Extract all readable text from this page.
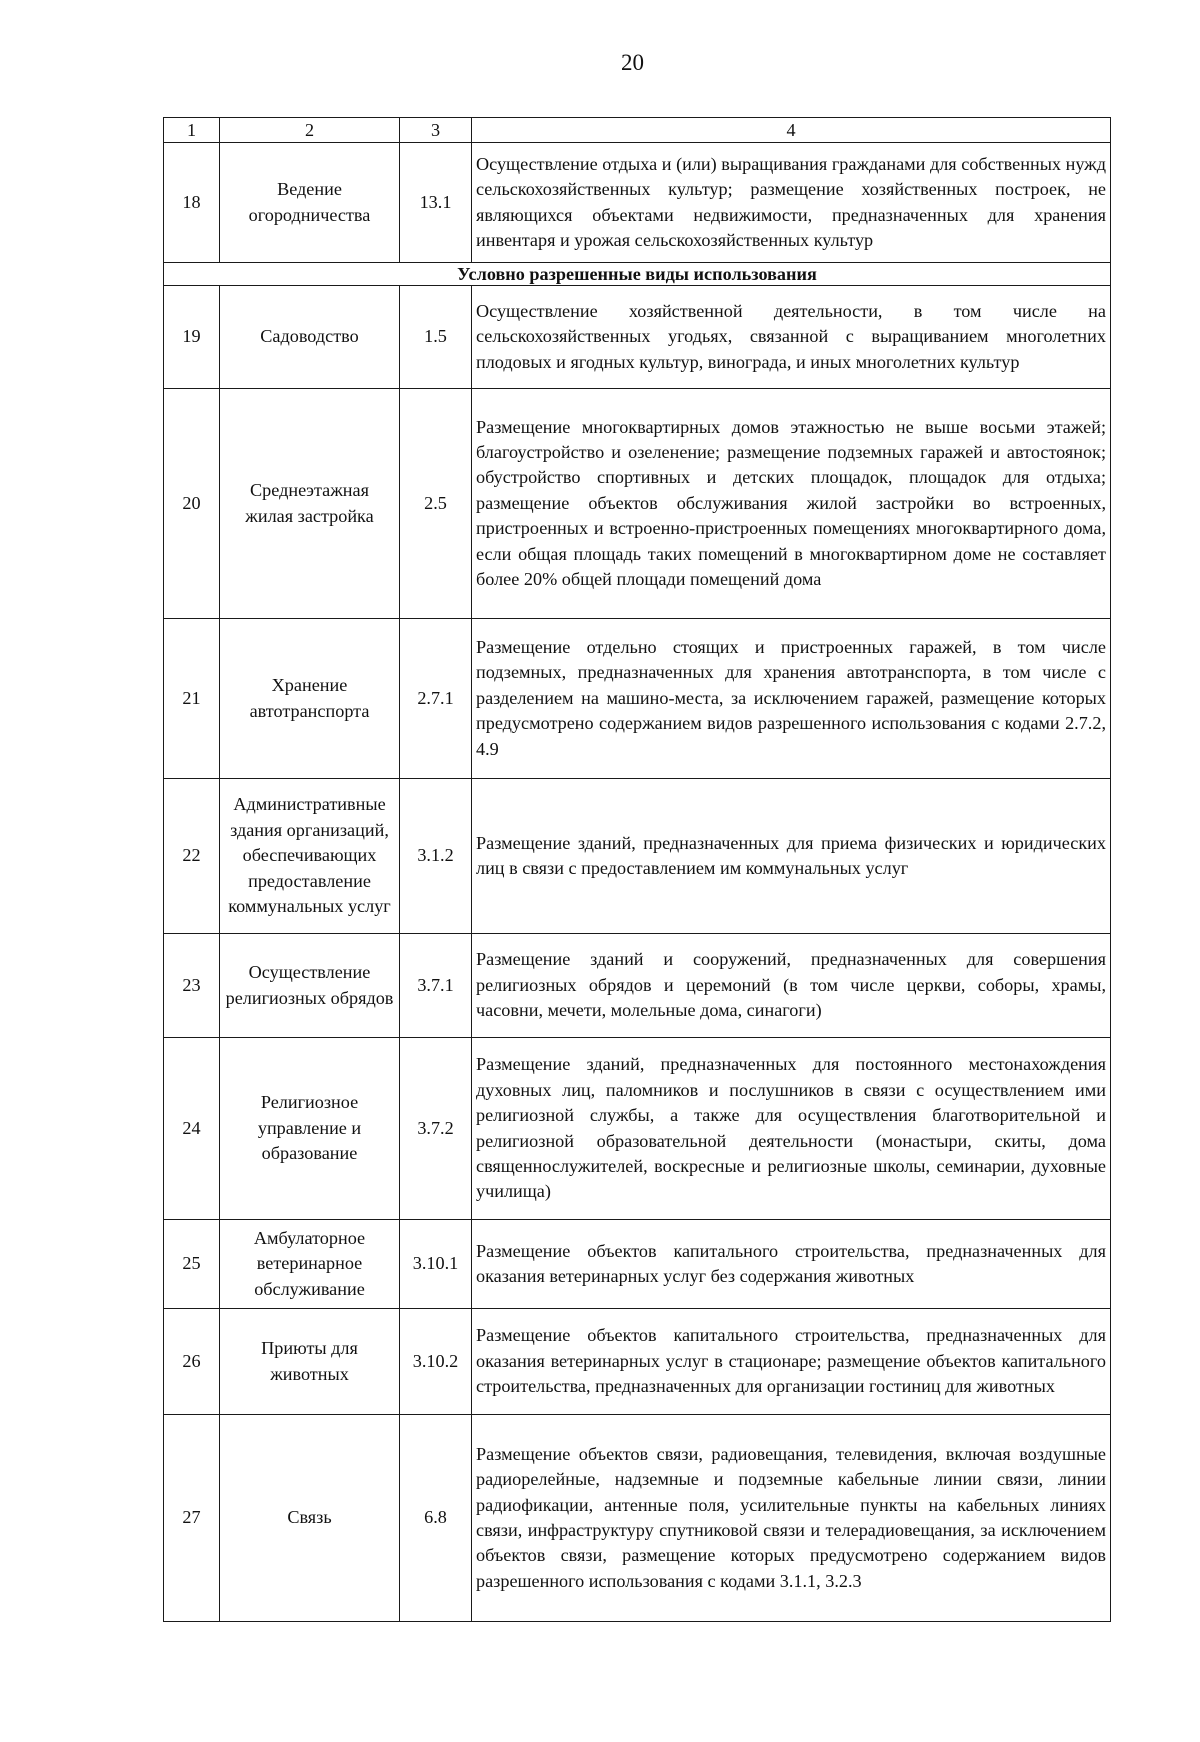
20
1	2	3	4
18	Ведение огородничества	13.1	Осуществление отдыха и (или) выращивания гражданами для собственных нужд сельскохозяйственных культур; размещение хозяйственных построек, не являющихся объектами недвижимости, предназначенных для хранения инвентаря и урожая сельскохозяйственных культур
Условно разрешенные виды использования			
19	Садоводство	1.5	Осуществление хозяйственной деятельности, в том числе на сельскохозяйственных угодьях, связанной с выращиванием многолетних плодовых и ягодных культур, винограда, и иных многолетних культур
20	Среднеэтажная жилая застройка	2.5	Размещение многоквартирных домов этажностью не выше восьми этажей; благоустройство и озеленение; размещение подземных гаражей и автостоянок; обустройство спортивных и детских площадок, площадок для отдыха; размещение объектов обслуживания жилой застройки во встроенных, пристроенных и встроенно-пристроенных помещениях многоквартирного дома, если общая площадь таких помещений в многоквартирном доме не составляет более 20% общей площади помещений дома
21	Хранение автотранспорта	2.7.1	Размещение отдельно стоящих и пристроенных гаражей, в том числе подземных, предназначенных для хранения автотранспорта, в том числе с разделением на машино-места, за исключением гаражей, размещение которых предусмотрено содержанием видов разрешенного использования с кодами 2.7.2, 4.9
22	Административные здания организаций, обеспечивающих предоставление коммунальных услуг	3.1.2	Размещение зданий, предназначенных для приема физических и юридических лиц в связи с предоставлением им коммунальных услуг
23	Осуществление религиозных обрядов	3.7.1	Размещение зданий и сооружений, предназначенных для совершения религиозных обрядов и церемоний (в том числе церкви, соборы, храмы, часовни, мечети, молельные дома, синагоги)
24	Религиозное управление и образование	3.7.2	Размещение зданий, предназначенных для постоянного местонахождения духовных лиц, паломников и послушников в связи с осуществлением ими религиозной службы, а также для осуществления благотворительной и религиозной образовательной деятельности (монастыри, скиты, дома священнослужителей, воскресные и религиозные школы, семинарии, духовные училища)
25	Амбулаторное ветеринарное обслуживание	3.10.1	Размещение объектов капитального строительства, предназначенных для оказания ветеринарных услуг без содержания животных
26	Приюты для животных	3.10.2	Размещение объектов капитального строительства, предназначенных для оказания ветеринарных услуг в стационаре; размещение объектов капитального строительства, предназначенных для организации гостиниц для животных
27	Связь	6.8	Размещение объектов связи, радиовещания, телевидения, включая воздушные радиорелейные, надземные и подземные кабельные линии связи, линии радиофикации, антенные поля, усилительные пункты на кабельных линиях связи, инфраструктуру спутниковой связи и телерадиовещания, за исключением объектов связи, размещение которых предусмотрено содержанием видов разрешенного использования с кодами 3.1.1, 3.2.3
